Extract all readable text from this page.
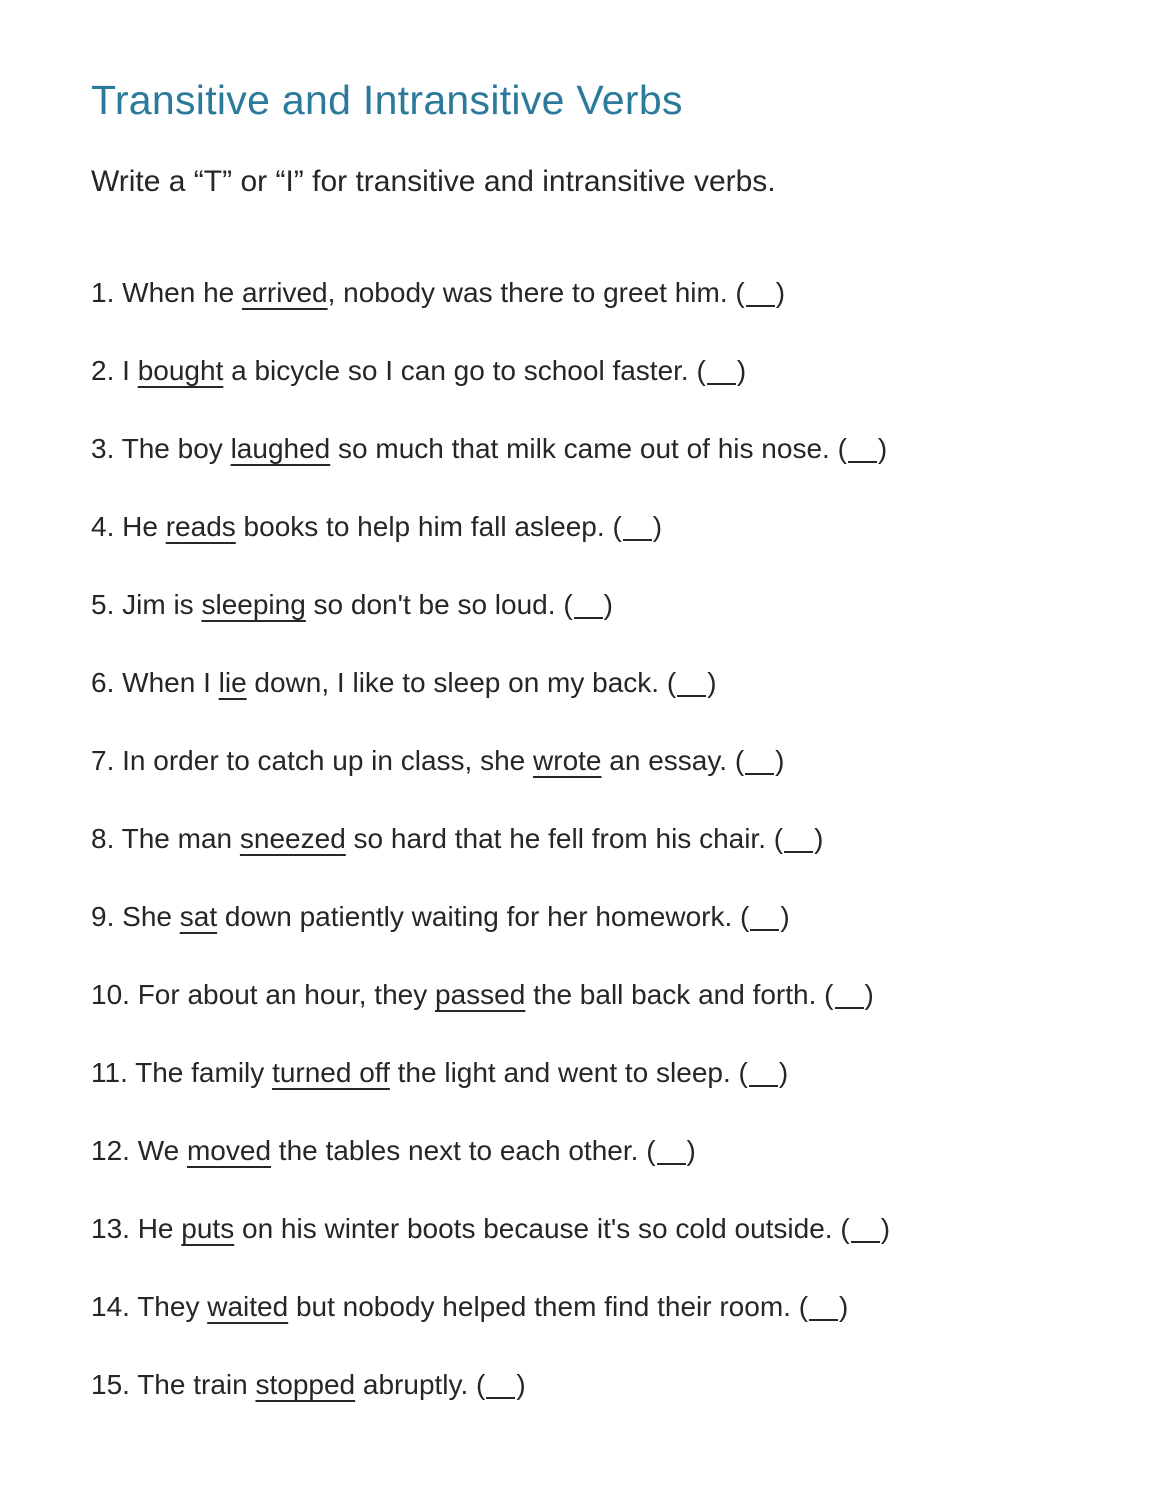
Transitive and Intransitive Verbs

Write a “T” or “I” for transitive and intransitive verbs.

1. When he arrived, nobody was there to greet him. ( )
2. I bought a bicycle so I can go to school faster. ( )
3. The boy laughed so much that milk came out of his nose. ( )
4. He reads books to help him fall asleep. ( )
5. Jim is sleeping so don't be so loud. ( )
6. When I lie down, I like to sleep on my back. ( )
7. In order to catch up in class, she wrote an essay. ( )
8. The man sneezed so hard that he fell from his chair. ( )
9. She sat down patiently waiting for her homework. ( )
10. For about an hour, they passed the ball back and forth. ( )
11. The family turned off the light and went to sleep. ( )
12. We moved the tables next to each other. ( )
13. He puts on his winter boots because it's so cold outside. ( )
14. They waited but nobody helped them find their room. ( )
15. The train stopped abruptly. ( )
